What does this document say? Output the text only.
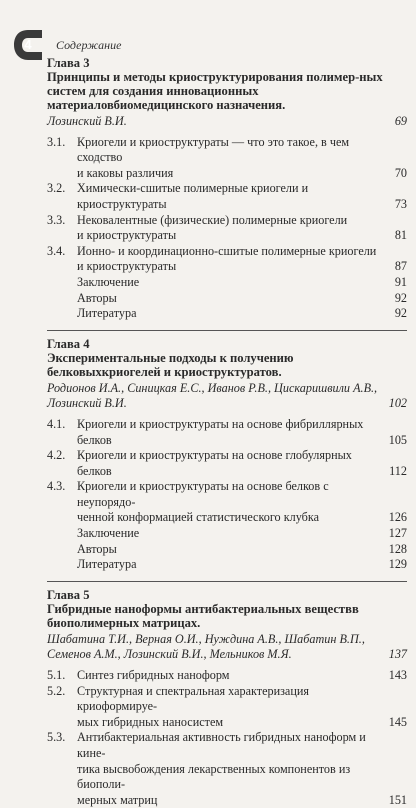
4	Содержание
Глава 3
Принципы и методы криоструктурирования полимер-ных систем для создания инновационных материаловбиомедицинского назначения.
Лозинский В.И.	69
3.1. Криогели и криоструктураты — что это такое, в чем сходство
и каковы различия	70
3.2. Химически-сшитые полимерные криогели и криоструктураты	73
3.3. Нековалентные (физические) полимерные криогели
и криоструктураты	81
3.4. Ионно- и координационно-сшитые полимерные криогели
и криоструктураты	87
Заключение	91
Авторы	92
Литература	92
Глава 4
Экспериментальные подходы к получению белковыхкриогелей и криоструктуратов.
Родионов И.А., Синицкая Е.С., Иванов Р.В., Цискаришвили А.В.,
Лозинский В.И.	102
4.1. Криогели и криоструктураты на основе фибриллярных белков	105
4.2. Криогели и криоструктураты на основе глобулярных белков	112
4.3. Криогели и криоструктураты на основе белков с неупорядо-
ченной конформацией статистического клубка	126
Заключение	127
Авторы	128
Литература	129
Глава 5
Гибридные наноформы антибактериальных веществв биополимерных матрицах.
Шабатина Т.И., Верная О.И., Нуждина А.В., Шабатин В.П.,
Семенов А.М., Лозинский В.И., Мельников М.Я.	137
5.1. Синтез гибридных наноформ	143
5.2. Структурная и спектральная характеризация криоформируе-
мых гибридных наносистем	145
5.3. Антибактериальная активность гибридных наноформ и кине-
тика высвобождения лекарственных компонентов из биопoли-
мерных матриц	151
